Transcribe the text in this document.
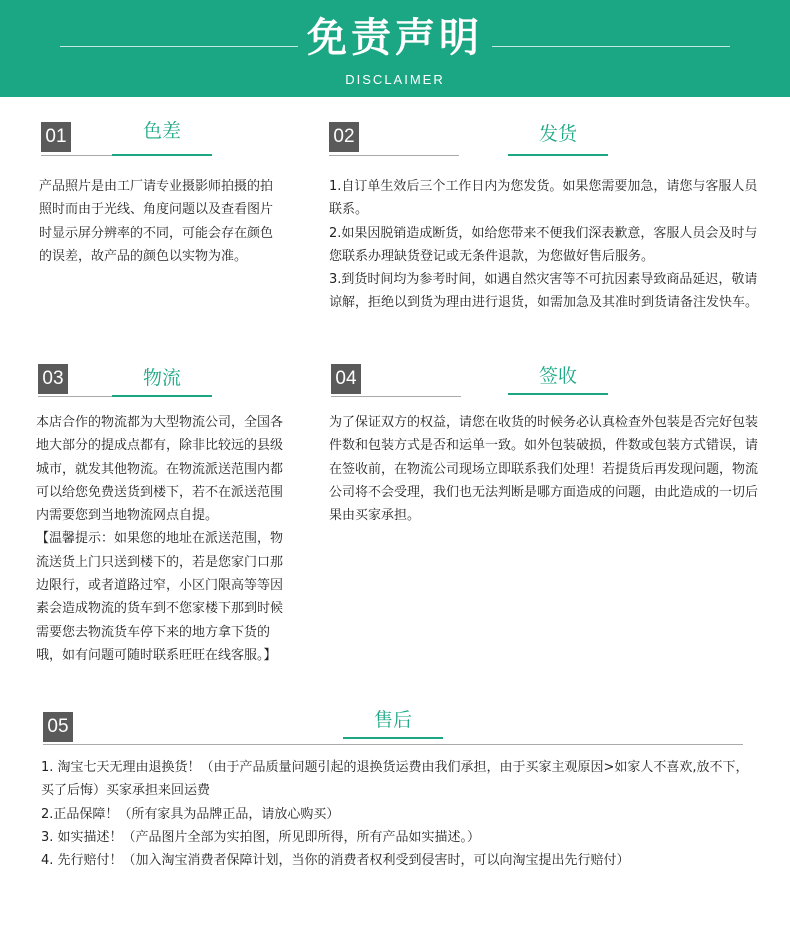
免责声明
DISCLAIMER
01	色差

产品照片是由工厂请专业摄影师拍摄的拍照时而由于光线、角度问题以及查看图片时显示屏分辨率的不同，可能会存在颜色的误差，故产品的颜色以实物为准。

02	发货

1.自订单生效后三个工作日内为您发货。如果您需要加急，请您与客服人员联系。

2.如果因脱销造成断货，如给您带来不便我们深表歉意，客服人员会及时与您联系办理缺货登记或无条件退款，为您做好售后服务。

3.到货时间均为参考时间，如遇自然灾害等不可抗因素导致商品延迟，敬请谅解，拒绝以到货为理由进行退货，如需加急及其准时到货请备注发快车。

03	物流

本店合作的物流都为大型物流公司，全国各地大部分的提成点都有，除非比较远的县级城市，就发其他物流。在物流派送范围内都可以给您免费送货到楼下，若不在派送范围内需要您到当地物流网点自提。

【温馨提示：如果您的地址在派送范围，物流送货上门只送到楼下的，若是您家门口那边限行，或者道路过窄，小区门限高等等因素会造成物流的货车到不您家楼下那到时候需要您去物流货车停下来的地方拿下货的哦，如有问题可随时联系旺旺在线客服。】

04	签收

为了保证双方的权益，请您在收货的时候务必认真检查外包装是否完好包装件数和包装方式是否和运单一致。如外包装破损，件数或包装方式错误，请在签收前，在物流公司现场立即联系我们处理！若提货后再发现问题，物流公司将不会受理，我们也无法判断是哪方面造成的问题，由此造成的一切后果由买家承担。

05	售后

1. 淘宝七天无理由退换货！（由于产品质量问题引起的退换货运费由我们承担，由于买家主观原因>如家人不喜欢,放不下，买了后悔）买家承担来回运费

2.正品保障！（所有家具为品牌正品，请放心购买）

3. 如实描述！（产品图片全部为实拍图，所见即所得，所有产品如实描述。）

4. 先行赔付！（加入淘宝消费者保障计划，当你的消费者权利受到侵害时，可以向淘宝提出先行赔付）
